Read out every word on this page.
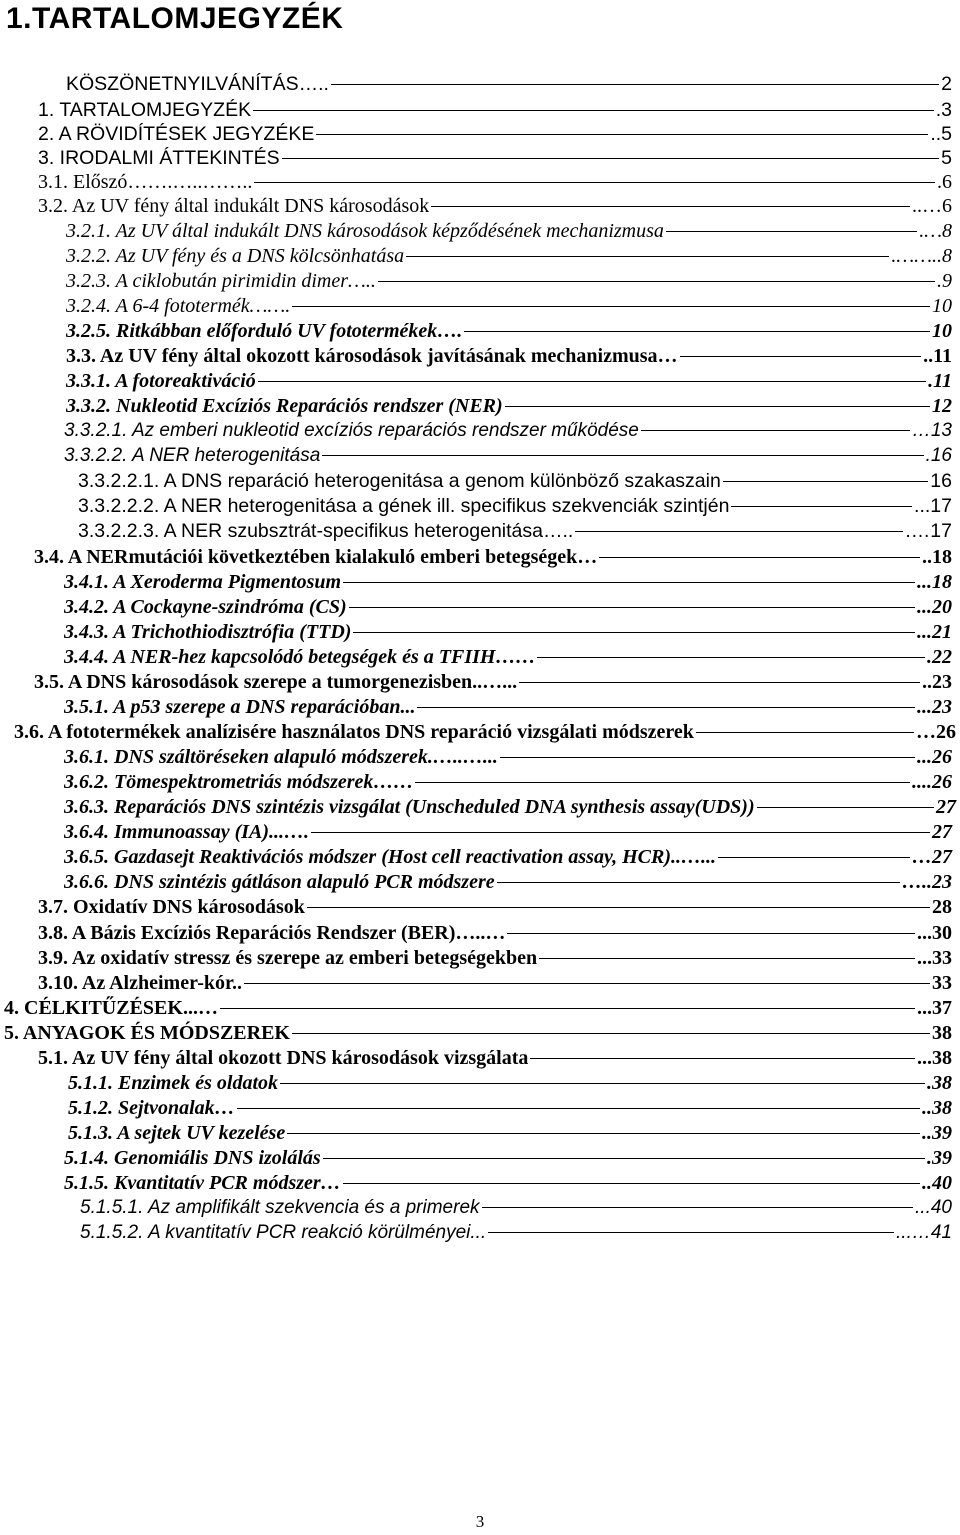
1.TARTALOMJEGYZÉK
KÖSZÖNETNYILVÁNÍTÁS…..	2
1. TARTALOMJEGYZÉK	.3
2. A RÖVIDÍTÉSEK JEGYZÉKE	..5
3. IRODALMI ÁTTEKINTÉS	5
3.1. Előszó…….…..……..	.6
3.2. Az UV fény által indukált DNS károsodások	..…6
3.2.1. Az UV által indukált DNS károsodások képződésének mechanizmusa	.…8
3.2.2. Az UV fény és a DNS kölcsönhatása	.……..8
3.2.3. A ciklobután pirimidin dimer…..	.9
3.2.4. A 6-4 fototermék…….	10
3.2.5. Ritkábban előforduló UV fototermékek….	10
3.3. Az UV fény által okozott károsodások javításának mechanizmusa…	..11
3.3.1. A fotoreaktiváció	.11
3.3.2. Nukleotid Excíziós Reparációs rendszer (NER)	12
3.3.2.1. Az emberi nukleotid excíziós reparációs rendszer működése	…13
3.3.2.2. A NER heterogenitása	.16
3.3.2.2.1. A DNS reparáció heterogenitása a genom különböző szakaszain	16
3.3.2.2.2. A NER heterogenitása a gének ill. specifikus szekvenciák szintjén	...17
3.3.2.2.3. A NER szubsztrát-specifikus heterogenitása…..	.…17
3.4. A NERmutációi következtében kialakuló emberi betegségek…	..18
3.4.1. A Xeroderma Pigmentosum	...18
3.4.2. A Cockayne-szindróma (CS)	...20
3.4.3. A Trichothiodisztrófia (TTD)	...21
3.4.4. A NER-hez kapcsolódó betegségek és a TFIIH……	.22
3.5. A DNS károsodások szerepe a tumorgenezisben..…...	..23
3.5.1. A p53 szerepe a DNS reparációban...	...23
3.6. A fototermékek analízisére használatos DNS reparáció vizsgálati módszerek	…26
3.6.1. DNS száltöréseken alapuló módszerek.…..…...	...26
3.6.2. Tömespektrometriás módszerek……	....26
3.6.3. Reparációs DNS szintézis vizsgálat (Unscheduled DNA synthesis assay(UDS))	27
3.6.4. Immunoassay (IA)...….	27
3.6.5. Gazdasejt Reaktivációs módszer (Host cell reactivation assay, HCR)..…...	…27
3.6.6. DNS szintézis gátláson alapuló PCR módszere	…..23
3.7. Oxidatív DNS károsodások	28
3.8. A Bázis Excíziós Reparációs Rendszer (BER)…..…	...30
3.9. Az oxidatív stressz és szerepe az emberi betegségekben	...33
3.10. Az Alzheimer-kór..	33
4. CÉLKITŰZÉSEK...…	...37
5. ANYAGOK ÉS MÓDSZEREK	38
5.1. Az UV fény által okozott DNS károsodások vizsgálata	...38
5.1.1. Enzimek és oldatok	.38
5.1.2. Sejtvonalak…	..38
5.1.3. A sejtek UV kezelése	..39
5.1.4. Genomiális DNS izolálás	.39
5.1.5. Kvantitatív PCR módszer…	..40
5.1.5.1. Az amplifikált szekvencia és a primerek	...40
5.1.5.2. A kvantitatív PCR reakció körülményei...	...…41
3
